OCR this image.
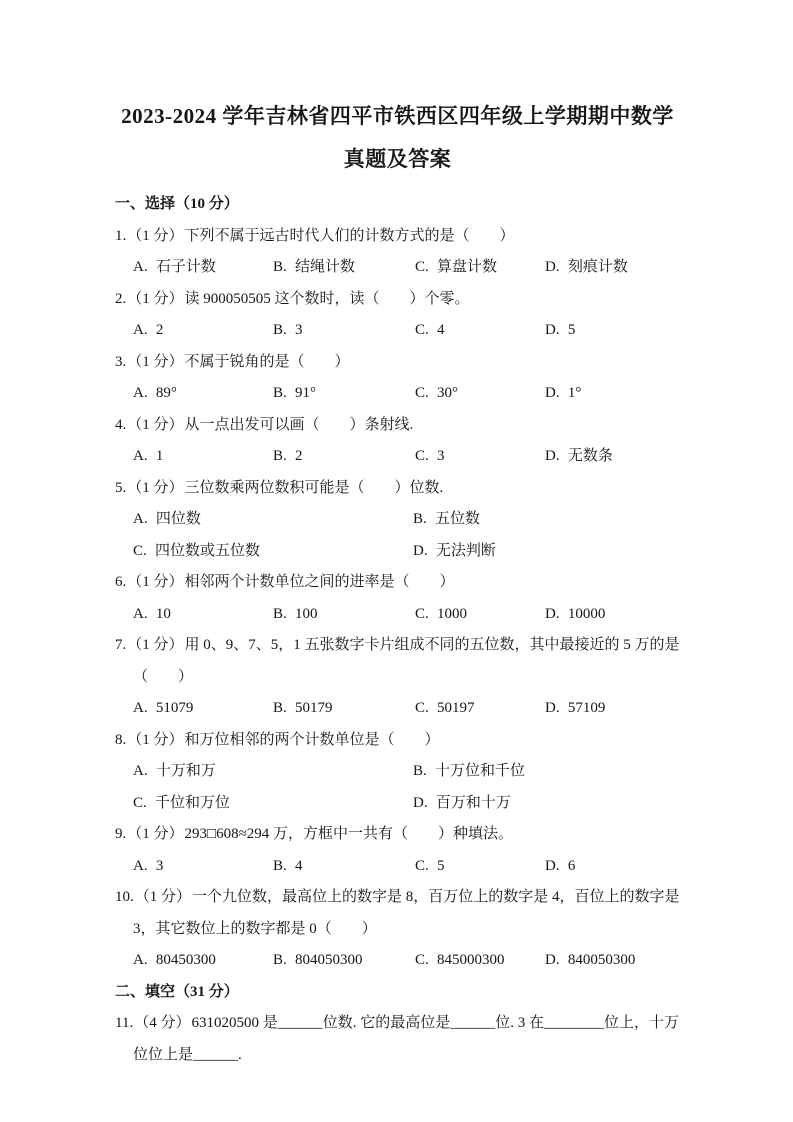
2023-2024 学年吉林省四平市铁西区四年级上学期期中数学
真题及答案
一、选择（10 分）

1.（1 分）下列不属于远古时代人们的计数方式的是（　　）

A. 石子计数	B. 结绳计数	C. 算盘计数	D. 刻痕计数

2.（1 分）读 900050505 这个数时，读（　　）个零。

A. 2	B. 3	C. 4	D. 5

3.（1 分）不属于锐角的是（　　）

A. 89°	B. 91°	C. 30°	D. 1°

4.（1 分）从一点出发可以画（　　）条射线.

A. 1	B. 2	C. 3	D. 无数条

5.（1 分）三位数乘两位数积可能是（　　）位数.

A. 四位数	B. 五位数
C. 四位数或五位数	D. 无法判断

6.（1 分）相邻两个计数单位之间的进率是（　　）

A. 10	B. 100	C. 1000	D. 10000

7.（1 分）用 0、9、7、5，1 五张数字卡片组成不同的五位数，其中最接近的 5 万的是（　　）

A. 51079	B. 50179	C. 50197	D. 57109

8.（1 分）和万位相邻的两个计数单位是（　　）

A. 十万和万	B. 十万位和千位
C. 千位和万位	D. 百万和十万

9.（1 分）293□608≈294 万，方框中一共有（　　）种填法。

A. 3	B. 4	C. 5	D. 6

10.（1 分）一个九位数，最高位上的数字是 8，百万位上的数字是 4，百位上的数字是 3，其它数位上的数字都是 0（　　）

A. 80450300	B. 804050300	C. 845000300	D. 840050300
二、填空（31 分）

11.（4 分）631020500 是______位数. 它的最高位是______位. 3 在________位上，十万位位上是______.
